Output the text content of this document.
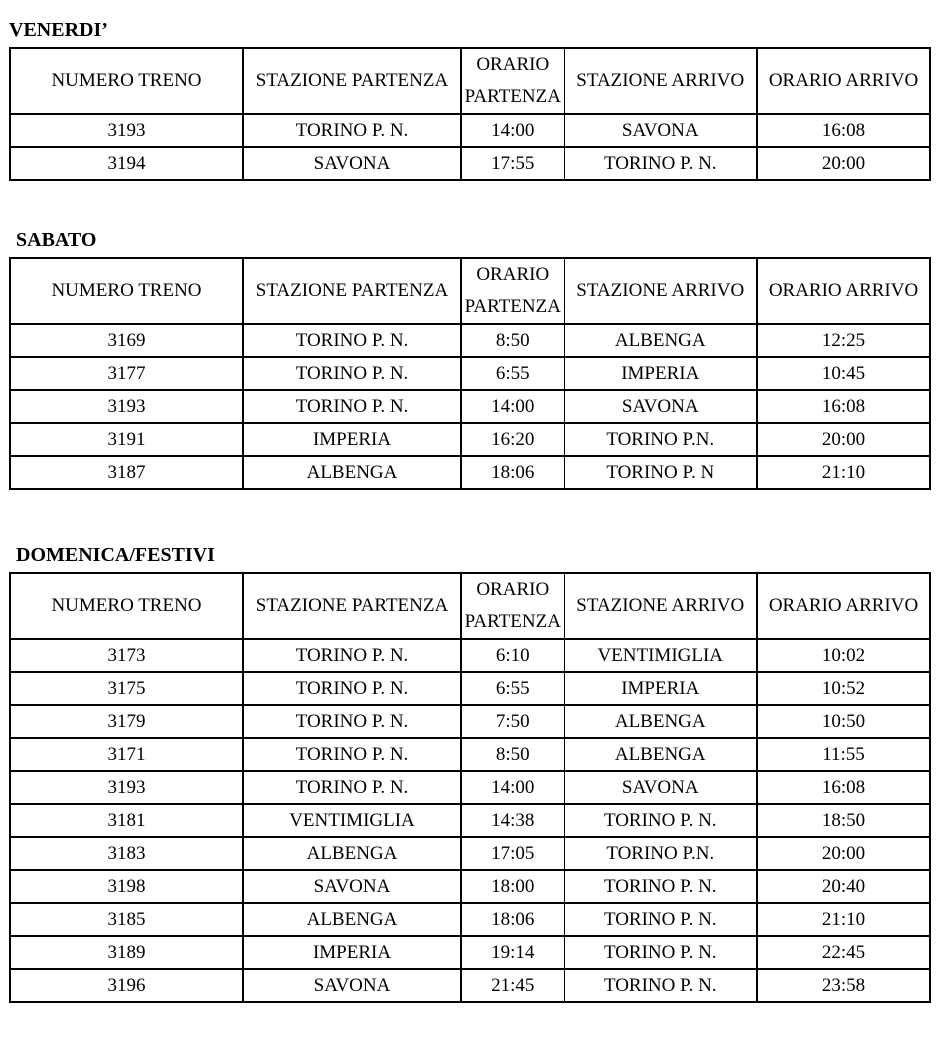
VENERDI’
NUMERO TRENO	STAZIONE PARTENZA	ORARIO PARTENZA	STAZIONE ARRIVO	ORARIO ARRIVO
3193	TORINO P. N.	14:00	SAVONA	16:08
3194	SAVONA	17:55	TORINO P. N.	20:00
SABATO
NUMERO TRENO	STAZIONE PARTENZA	ORARIO PARTENZA	STAZIONE ARRIVO	ORARIO ARRIVO
3169	TORINO P. N.	8:50	ALBENGA	12:25
3177	TORINO P. N.	6:55	IMPERIA	10:45
3193	TORINO P. N.	14:00	SAVONA	16:08
3191	IMPERIA	16:20	TORINO P.N.	20:00
3187	ALBENGA	18:06	TORINO P. N	21:10
DOMENICA/FESTIVI
NUMERO TRENO	STAZIONE PARTENZA	ORARIO PARTENZA	STAZIONE ARRIVO	ORARIO ARRIVO
3173	TORINO P. N.	6:10	VENTIMIGLIA	10:02
3175	TORINO P. N.	6:55	IMPERIA	10:52
3179	TORINO P. N.	7:50	ALBENGA	10:50
3171	TORINO P. N.	8:50	ALBENGA	11:55
3193	TORINO P. N.	14:00	SAVONA	16:08
3181	VENTIMIGLIA	14:38	TORINO P. N.	18:50
3183	ALBENGA	17:05	TORINO P.N.	20:00
3198	SAVONA	18:00	TORINO P. N.	20:40
3185	ALBENGA	18:06	TORINO P. N.	21:10
3189	IMPERIA	19:14	TORINO P. N.	22:45
3196	SAVONA	21:45	TORINO P. N.	23:58
